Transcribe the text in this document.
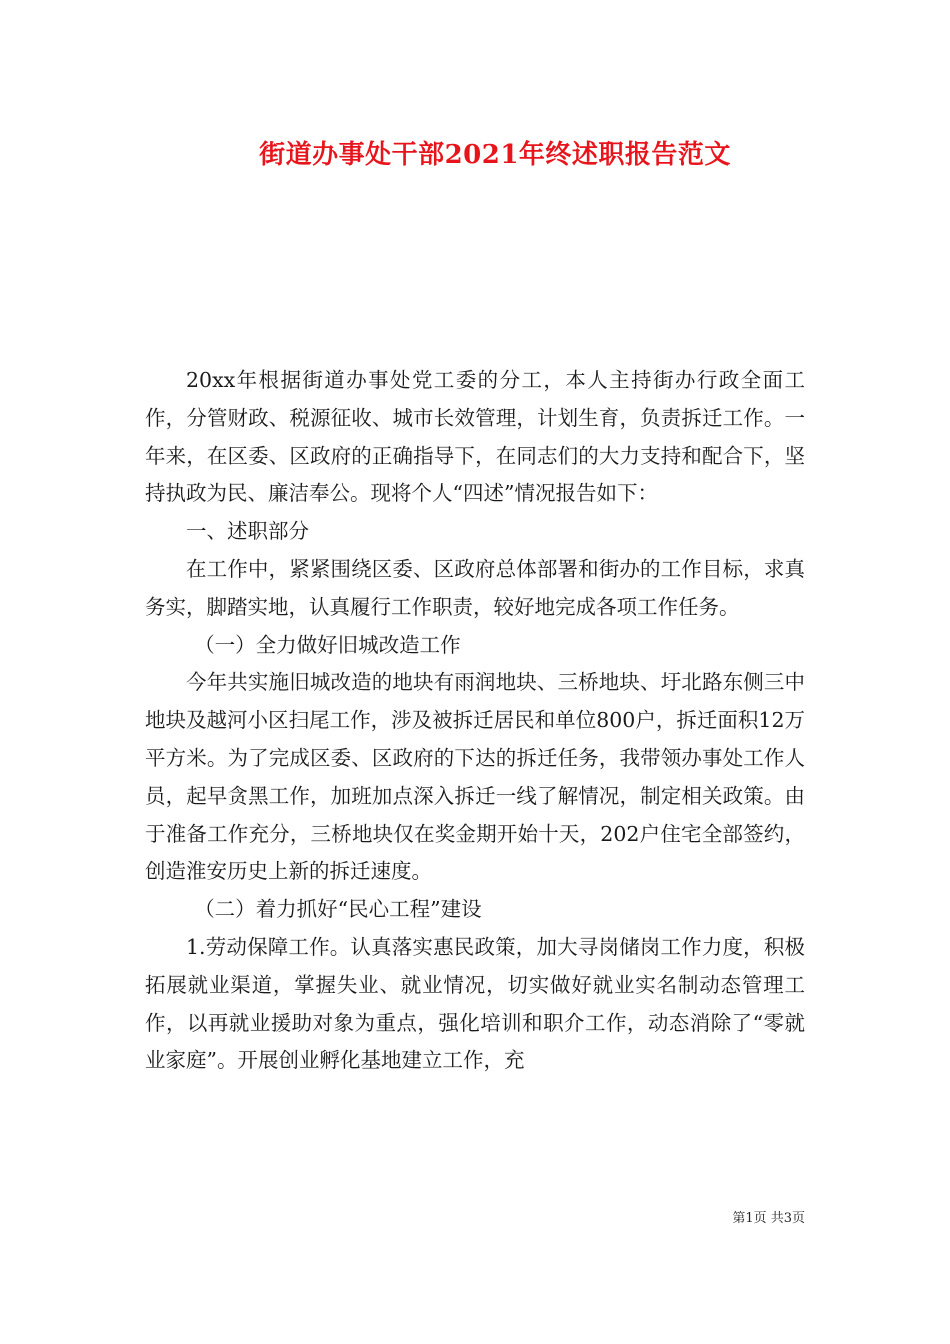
街道办事处干部2021年终述职报告范文

20xx年根据街道办事处党工委的分工，本人主持街办行政全面工作，分管财政、税源征收、城市长效管理，计划生育，负责拆迁工作。一年来，在区委、区政府的正确指导下，在同志们的大力支持和配合下，坚持执政为民、廉洁奉公。现将个人“四述”情况报告如下：

一、述职部分

在工作中，紧紧围绕区委、区政府总体部署和街办的工作目标，求真务实，脚踏实地，认真履行工作职责，较好地完成各项工作任务。

（一）全力做好旧城改造工作

今年共实施旧城改造的地块有雨润地块、三桥地块、圩北路东侧三中地块及越河小区扫尾工作，涉及被拆迁居民和单位800户，拆迁面积12万平方米。为了完成区委、区政府的下达的拆迁任务，我带领办事处工作人员，起早贪黑工作，加班加点深入拆迁一线了解情况，制定相关政策。由于准备工作充分，三桥地块仅在奖金期开始十天，202户住宅全部签约，创造淮安历史上新的拆迁速度。

（二）着力抓好“民心工程”建设

1.劳动保障工作。认真落实惠民政策，加大寻岗储岗工作力度，积极拓展就业渠道，掌握失业、就业情况，切实做好就业实名制动态管理工作，以再就业援助对象为重点，强化培训和职介工作，动态消除了“零就业家庭”。开展创业孵化基地建立工作，充

第1页 共3页
